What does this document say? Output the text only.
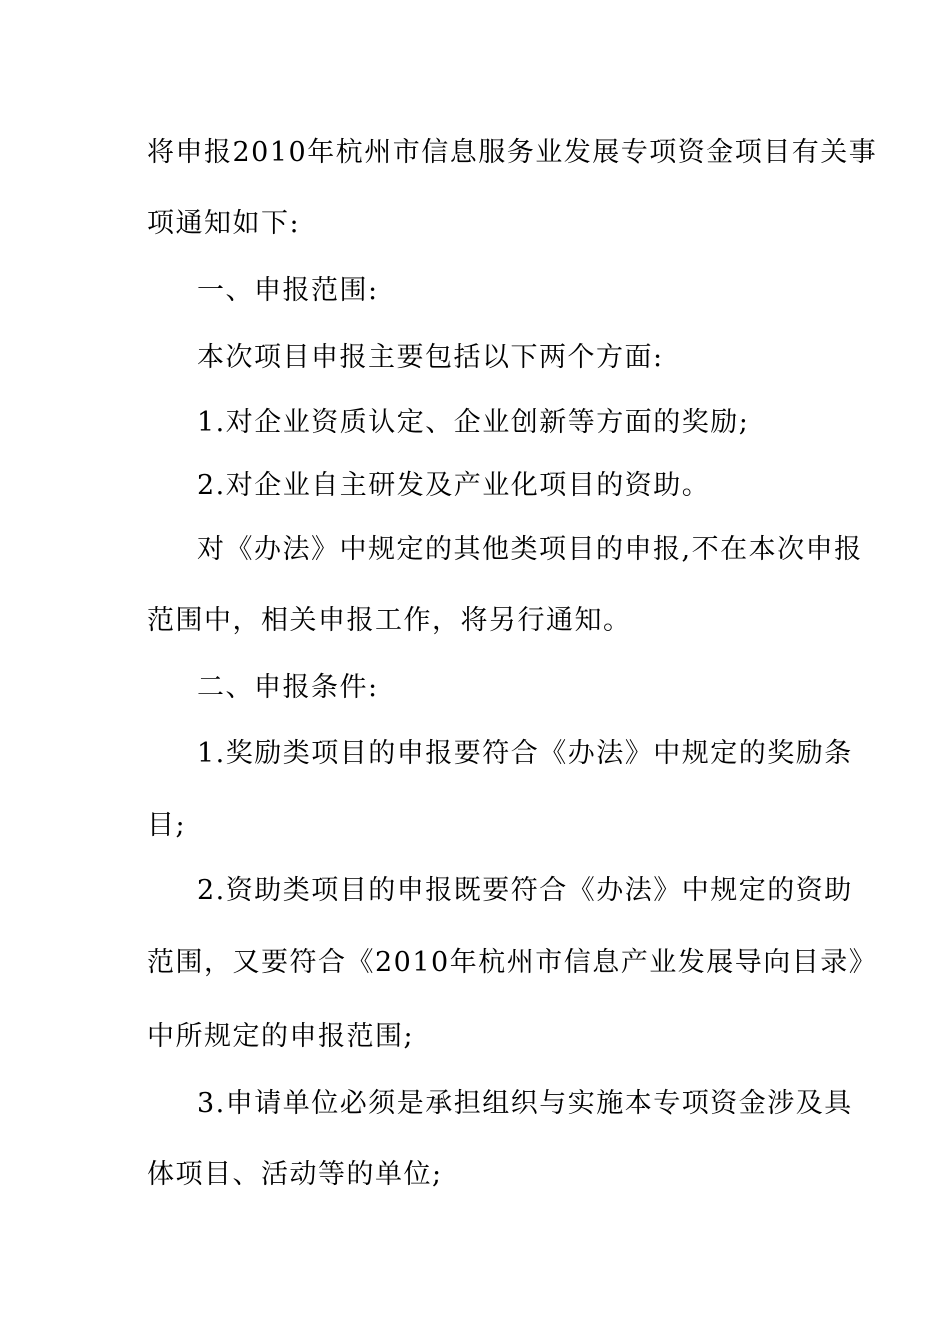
将申报2010年杭州市信息服务业发展专项资金项目有关事
项通知如下:
一、申报范围:
本次项目申报主要包括以下两个方面:
1.对企业资质认定、企业创新等方面的奖励;
2.对企业自主研发及产业化项目的资助。
对《办法》中规定的其他类项目的申报,不在本次申报
范围中，相关申报工作，将另行通知。
二、申报条件:
1.奖励类项目的申报要符合《办法》中规定的奖励条
目;
2.资助类项目的申报既要符合《办法》中规定的资助
范围，又要符合《2010年杭州市信息产业发展导向目录》
中所规定的申报范围;
3.申请单位必须是承担组织与实施本专项资金涉及具
体项目、活动等的单位;
